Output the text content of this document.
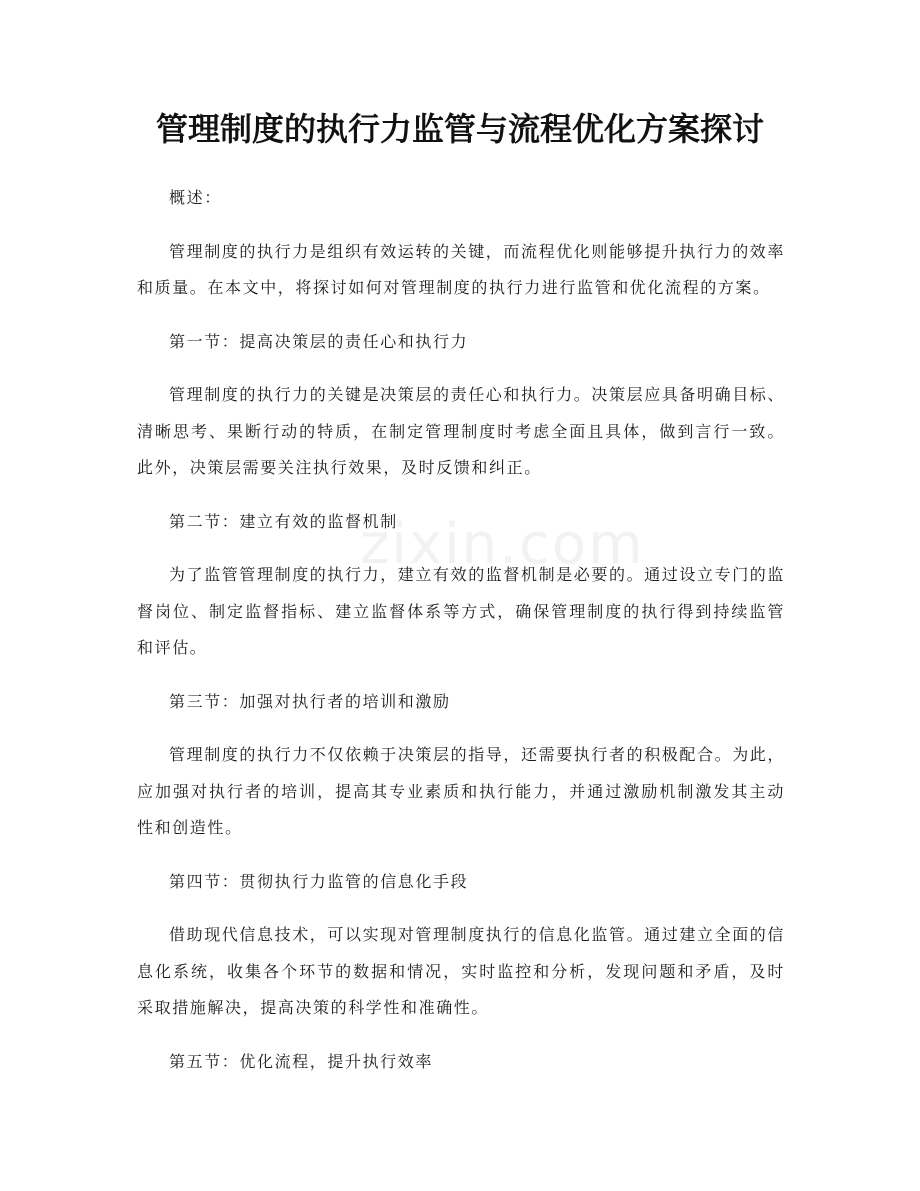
管理制度的执行力监管与流程优化方案探讨
zixin.com

概述：

管理制度的执行力是组织有效运转的关键，而流程优化则能够提升执行力的效率和质量。在本文中，将探讨如何对管理制度的执行力进行监管和优化流程的方案。

第一节：提高决策层的责任心和执行力

管理制度的执行力的关键是决策层的责任心和执行力。决策层应具备明确目标、清晰思考、果断行动的特质，在制定管理制度时考虑全面且具体，做到言行一致。此外，决策层需要关注执行效果，及时反馈和纠正。

第二节：建立有效的监督机制

为了监管管理制度的执行力，建立有效的监督机制是必要的。通过设立专门的监督岗位、制定监督指标、建立监督体系等方式，确保管理制度的执行得到持续监管和评估。

第三节：加强对执行者的培训和激励

管理制度的执行力不仅依赖于决策层的指导，还需要执行者的积极配合。为此，应加强对执行者的培训，提高其专业素质和执行能力，并通过激励机制激发其主动性和创造性。

第四节：贯彻执行力监管的信息化手段

借助现代信息技术，可以实现对管理制度执行的信息化监管。通过建立全面的信息化系统，收集各个环节的数据和情况，实时监控和分析，发现问题和矛盾，及时采取措施解决，提高决策的科学性和准确性。

第五节：优化流程，提升执行效率
